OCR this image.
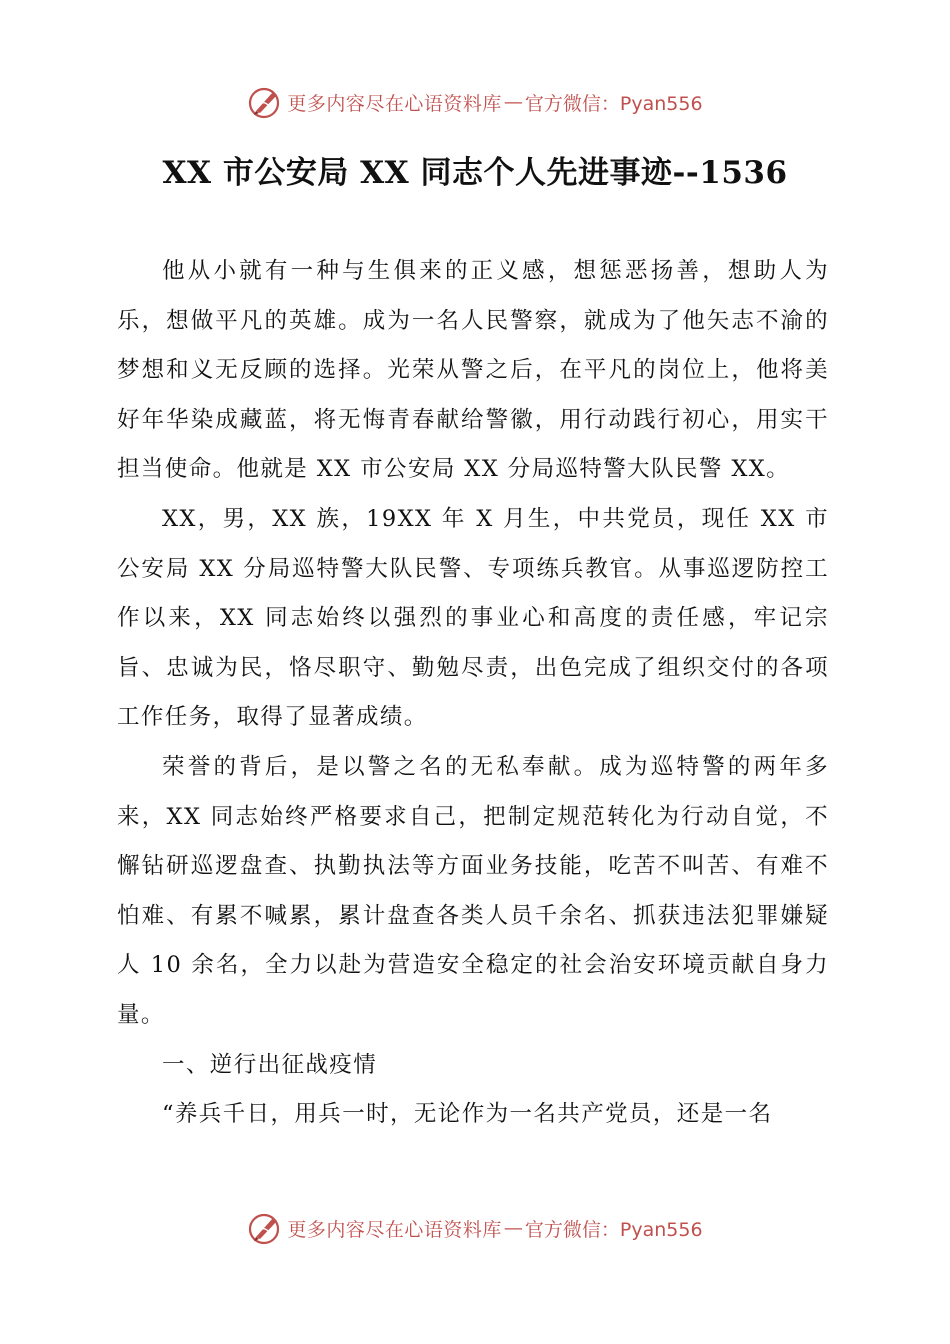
更多内容尽在心语资料库 — 官方微信：Pyan556
XX 市公安局 XX 同志个人先进事迹--1536

他从小就有一种与生俱来的正义感，想惩恶扬善，想助人为乐，想做平凡的英雄。成为一名人民警察，就成为了他矢志不渝的梦想和义无反顾的选择。光荣从警之后，在平凡的岗位上，他将美好年华染成藏蓝，将无悔青春献给警徽，用行动践行初心，用实干担当使命。他就是 XX 市公安局 XX 分局巡特警大队民警 XX。

XX，男，XX 族，19XX 年 X 月生，中共党员，现任 XX 市公安局 XX 分局巡特警大队民警、专项练兵教官。从事巡逻防控工作以来，XX 同志始终以强烈的事业心和高度的责任感，牢记宗旨、忠诚为民，恪尽职守、勤勉尽责，出色完成了组织交付的各项工作任务，取得了显著成绩。

荣誉的背后，是以警之名的无私奉献。成为巡特警的两年多来，XX 同志始终严格要求自己，把制定规范转化为行动自觉，不懈钻研巡逻盘查、执勤执法等方面业务技能，吃苦不叫苦、有难不怕难、有累不喊累，累计盘查各类人员千余名、抓获违法犯罪嫌疑人 10 余名，全力以赴为营造安全稳定的社会治安环境贡献自身力量。

一、逆行出征战疫情

“养兵千日，用兵一时，无论作为一名共产党员，还是一名

更多内容尽在心语资料库 — 官方微信：Pyan556
